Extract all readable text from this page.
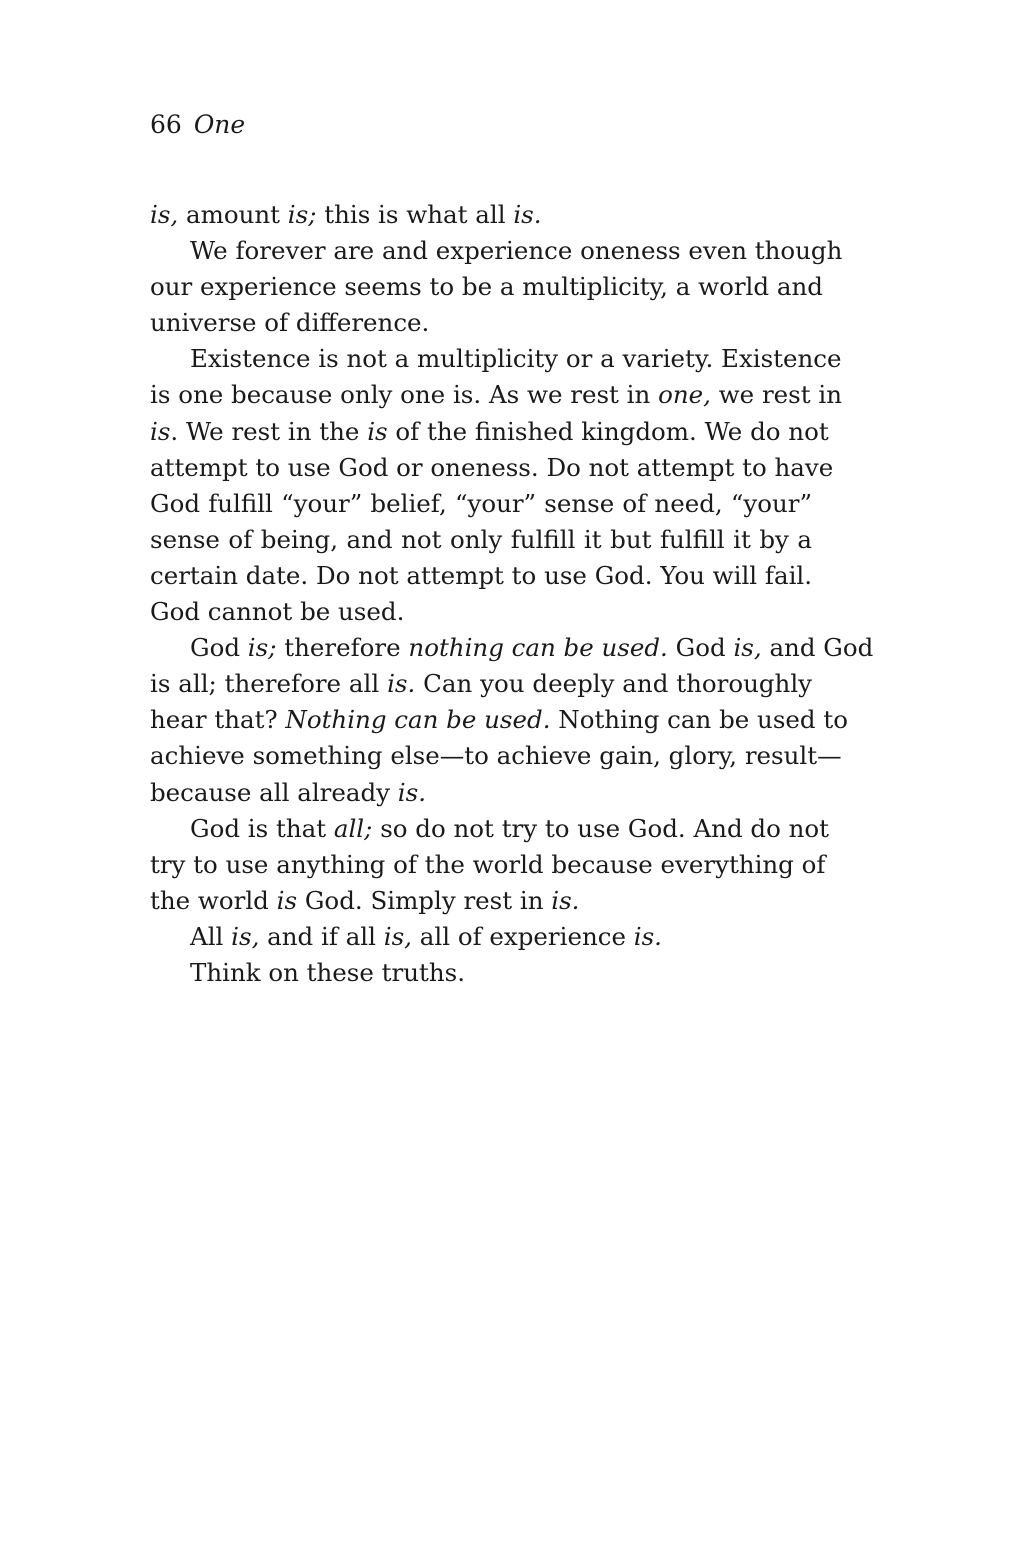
66 One
is, amount is; this is what all is.
We forever are and experience oneness even though
our experience seems to be a multiplicity, a world and
universe of difference.
Existence is not a multiplicity or a variety. Existence
is one because only one is. As we rest in one, we rest in
is. We rest in the is of the finished kingdom. We do not
attempt to use God or oneness. Do not attempt to have
God fulfill “your” belief, “your” sense of need, “your”
sense of being, and not only fulfill it but fulfill it by a
certain date. Do not attempt to use God. You will fail.
God cannot be used.
God is; therefore nothing can be used. God is, and God
is all; therefore all is. Can you deeply and thoroughly
hear that? Nothing can be used. Nothing can be used to
achieve something else—to achieve gain, glory, result—
because all already is.
God is that all; so do not try to use God. And do not
try to use anything of the world because everything of
the world is God. Simply rest in is.
All is, and if all is, all of experience is.
Think on these truths.
